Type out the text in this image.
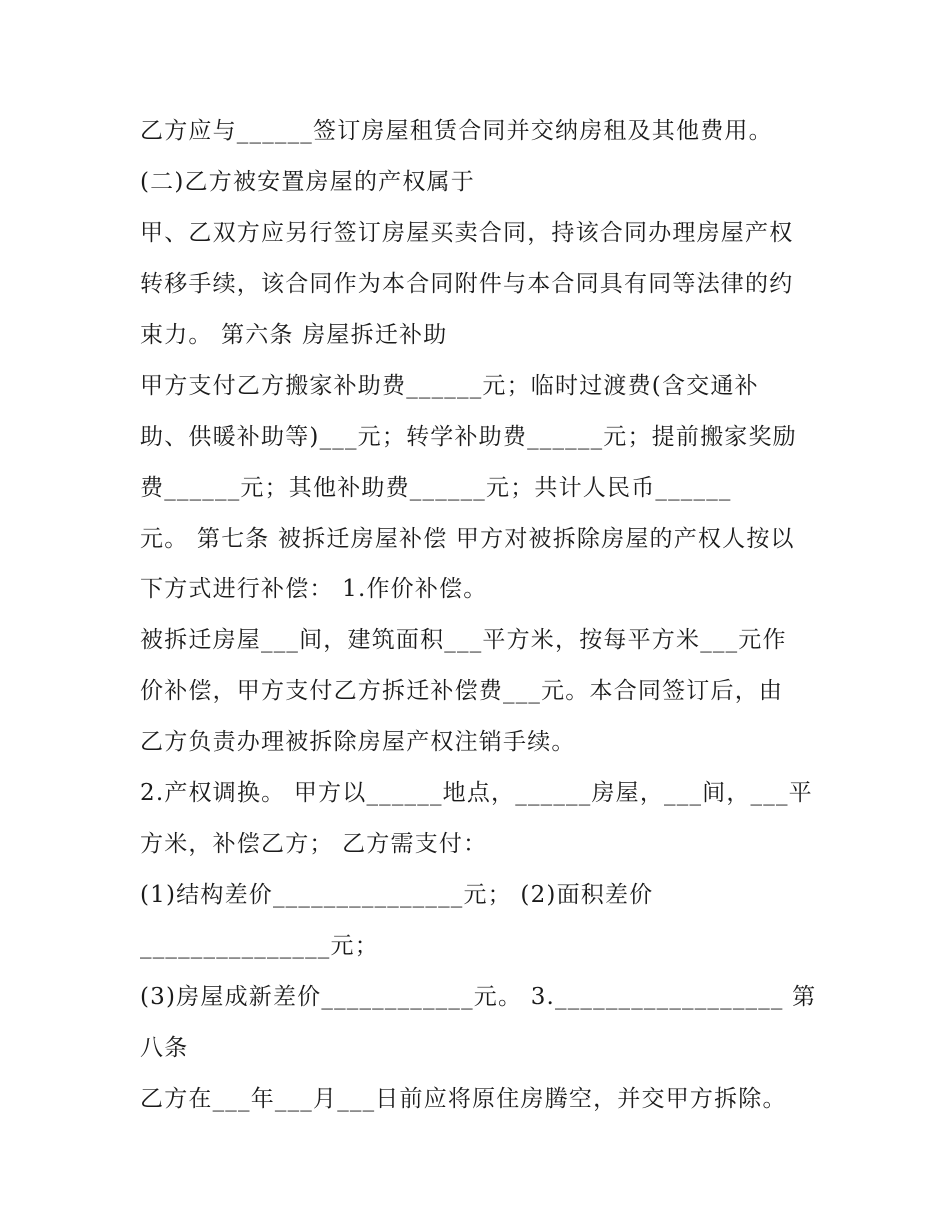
乙方应与______签订房屋租赁合同并交纳房租及其他费用。
(二)乙方被安置房屋的产权属于
甲、乙双方应另行签订房屋买卖合同，持该合同办理房屋产权
转移手续，该合同作为本合同附件与本合同具有同等法律的约
束力。 第六条 房屋拆迁补助
甲方支付乙方搬家补助费______元；临时过渡费(含交通补
助、供暖补助等)___元；转学补助费______元；提前搬家奖励
费______元；其他补助费______元；共计人民币______
元。 第七条 被拆迁房屋补偿 甲方对被拆除房屋的产权人按以
下方式进行补偿： 1.作价补偿。
被拆迁房屋___间，建筑面积___平方米，按每平方米___元作
价补偿，甲方支付乙方拆迁补偿费___元。本合同签订后，由
乙方负责办理被拆除房屋产权注销手续。
2.产权调换。 甲方以______地点，______房屋，___间，___平
方米，补偿乙方； 乙方需支付：
(1)结构差价_______________元； (2)面积差价
_______________元；
(3)房屋成新差价____________元。 3.__________________ 第
八条
乙方在___年___月___日前应将原住房腾空，并交甲方拆除。
